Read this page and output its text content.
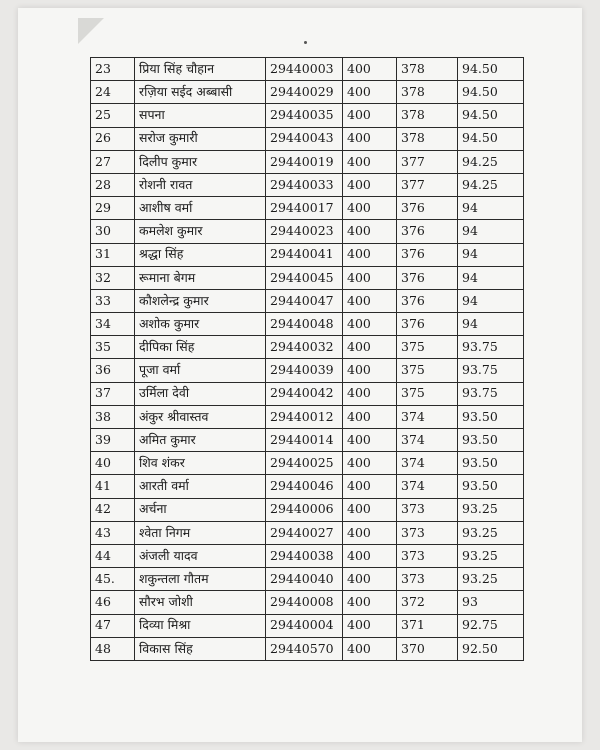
23	प्रिया सिंह चौहान	29440003	400	378	94.50
24	रज़िया सईद अब्बासी	29440029	400	378	94.50
25	सपना	29440035	400	378	94.50
26	सरोज कुमारी	29440043	400	378	94.50
27	दिलीप कुमार	29440019	400	377	94.25
28	रोशनी रावत	29440033	400	377	94.25
29	आशीष वर्मा	29440017	400	376	94
30	कमलेश कुमार	29440023	400	376	94
31	श्रद्धा सिंह	29440041	400	376	94
32	रूमाना बेगम	29440045	400	376	94
33	कौशलेन्द्र कुमार	29440047	400	376	94
34	अशोक कुमार	29440048	400	376	94
35	दीपिका सिंह	29440032	400	375	93.75
36	पूजा वर्मा	29440039	400	375	93.75
37	उर्मिला देवी	29440042	400	375	93.75
38	अंकुर श्रीवास्तव	29440012	400	374	93.50
39	अमित कुमार	29440014	400	374	93.50
40	शिव शंकर	29440025	400	374	93.50
41	आरती वर्मा	29440046	400	374	93.50
42	अर्चना	29440006	400	373	93.25
43	श्वेता निगम	29440027	400	373	93.25
44	अंजली यादव	29440038	400	373	93.25
45.	शकुन्तला गौतम	29440040	400	373	93.25
46	सौरभ जोशी	29440008	400	372	93
47	दिव्या मिश्रा	29440004	400	371	92.75
48	विकास सिंह	29440570	400	370	92.50
